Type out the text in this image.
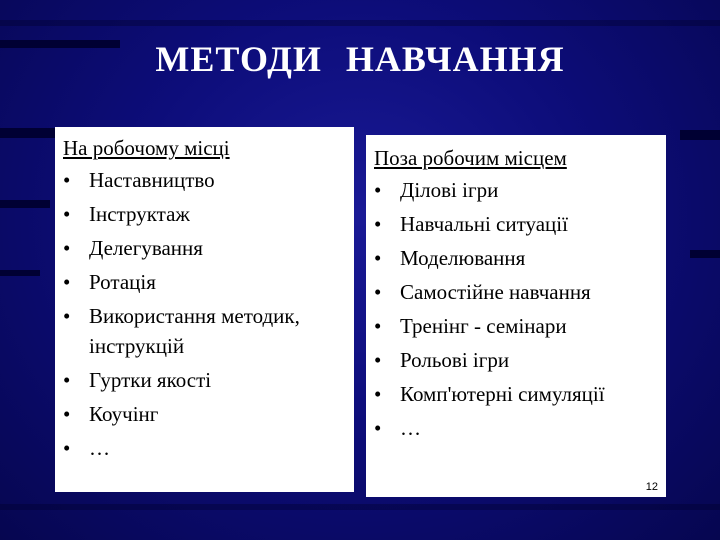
МЕТОДИ НАВЧАННЯ
На робочому місці
• Наставництво
• Інструктаж
• Делегування
• Ротація
• Використання методик, інструкцій
• Гуртки якості
• Коучінг
• …
Поза робочим місцем
• Ділові ігри
• Навчальні ситуації
• Моделювання
• Самостійне навчання
• Тренінг - семінари
• Рольові ігри
• Комп'ютерні симуляції
• …
12
